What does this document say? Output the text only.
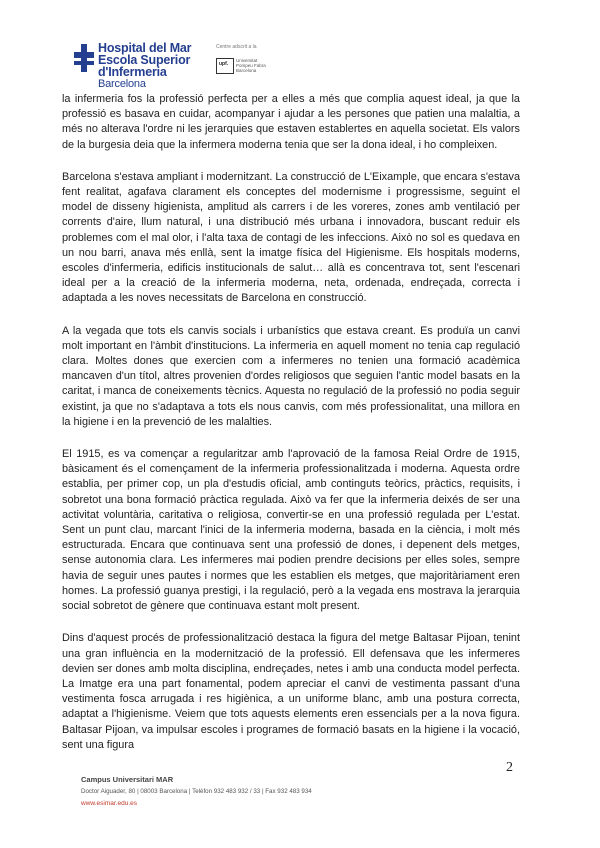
Hospital del Mar
Escola Superior
d'Infermeria
Barcelona
Centre adscrit a la
upf.
Universitat
Pompeu Fabra
Barcelona

la infermeria fos la professió perfecta per a elles a més que complia aquest ideal, ja que la professió es basava en cuidar, acompanyar i ajudar a les persones que patien una malaltia, a més no alterava l'ordre ni les jerarquies que estaven establertes en aquella societat. Els valors de la burgesia deia que la infermera moderna tenia que ser la dona ideal, i ho compleixen.

Barcelona s'estava ampliant i modernitzant. La construcció de L'Eixample, que encara s'estava fent realitat, agafava clarament els conceptes del modernisme i progressisme, seguint el model de disseny higienista, amplitud als carrers i de les voreres, zones amb ventilació per corrents d'aire, llum natural, i una distribució més urbana i innovadora, buscant reduir els problemes com el mal olor, i l'alta taxa de contagi de les infeccions. Això no sol es quedava en un nou barri, anava més enllà, sent la imatge física del Higienisme. Els hospitals moderns, escoles d'infermeria, edificis institucionals de salut… allà es concentrava tot, sent l'escenari ideal per a la creació de la infermeria moderna, neta, ordenada, endreçada, correcta i adaptada a les noves necessitats de Barcelona en construcció.

A la vegada que tots els canvis socials i urbanístics que estava creant. Es produïa un canvi molt important en l'àmbit d'institucions. La infermeria en aquell moment no tenia cap regulació clara. Moltes dones que exercien com a infermeres no tenien una formació acadèmica mancaven d'un títol, altres provenien d'ordes religiosos que seguien l'antic model basats en la caritat, i manca de coneixements tècnics. Aquesta no regulació de la professió no podia seguir existint, ja que no s'adaptava a tots els nous canvis, com més professionalitat, una millora en la higiene i en la prevenció de les malalties.

El 1915, es va començar a regularitzar amb l'aprovació de la famosa Reial Ordre de 1915, bàsicament és el començament de la infermeria professionalitzada i moderna. Aquesta ordre establia, per primer cop, un pla d'estudis oficial, amb continguts teòrics, pràctics, requisits, i sobretot una bona formació pràctica regulada. Això va fer que la infermeria deixés de ser una activitat voluntària, caritativa o religiosa, convertir-se en una professió regulada per L'estat. Sent un punt clau, marcant l'inici de la infermeria moderna, basada en la ciència, i molt més estructurada. Encara que continuava sent una professió de dones, i depenent dels metges, sense autonomia clara. Les infermeres mai podien prendre decisions per elles soles, sempre havia de seguir unes pautes i normes que les establien els metges, que majoritàriament eren homes. La professió guanya prestigi, i la regulació, però a la vegada ens mostrava la jerarquia social sobretot de gènere que continuava estant molt present.

Dins d'aquest procés de professionalització destaca la figura del metge Baltasar Pijoan, tenint una gran influència en la modernització de la professió. Ell defensava que les infermeres devien ser dones amb molta disciplina, endreçades, netes i amb una conducta model perfecta. La Imatge era una part fonamental, podem apreciar el canvi de vestimenta passant d'una vestimenta fosca arrugada i res higiènica, a un uniforme blanc, amb una postura correcta, adaptat a l'higienisme. Veiem que tots aquests elements eren essencials per a la nova figura. Baltasar Pijoan, va impulsar escoles i programes de formació basats en la higiene i la vocació, sent una figura

2
Campus Universitari MAR
Doctor Aiguader, 80 | 08003 Barcelona | Telèfon 932 483 932 / 33 | Fax 932 483 934
www.esimar.edu.es
